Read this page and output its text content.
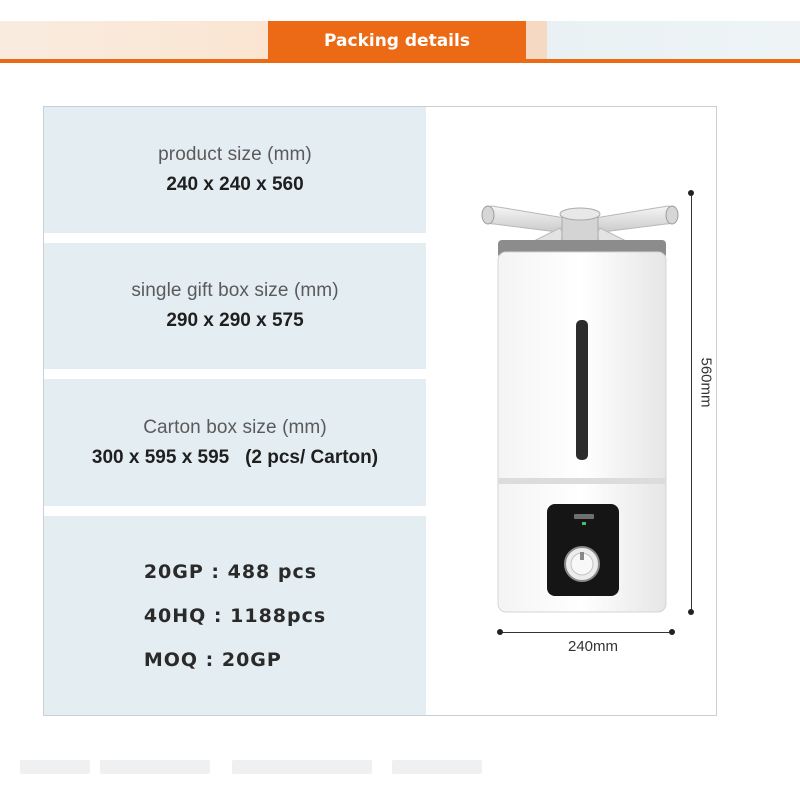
Packing details
product size (mm)
240 x 240 x 560
single gift box size (mm)
290 x 290 x 575
Carton box size (mm)
300 x 595 x 595   (2 pcs/ Carton)
20GP : 488 pcs
40HQ : 1188pcs
MOQ : 20GP
560mm
240mm
